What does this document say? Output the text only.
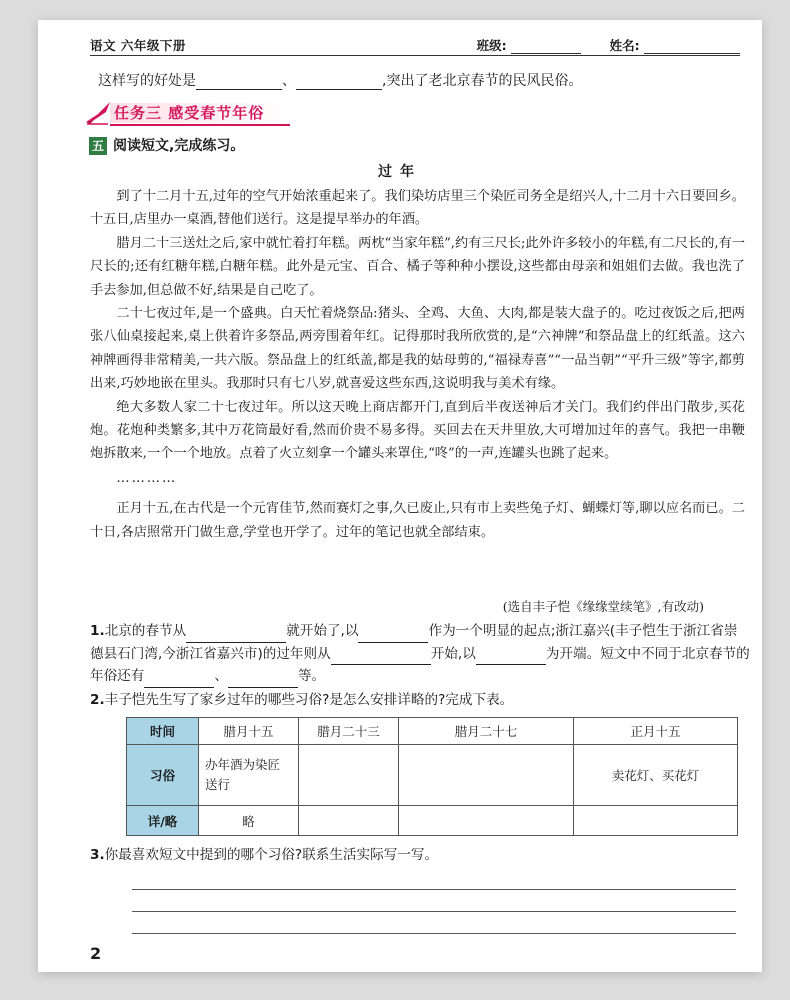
语文 六年级下册	班级:	姓名:
这样写的好处是	、	,突出了老北京春节的民风民俗。
任务三 感受春节年俗
五 阅读短文,完成练习。
过年

到了十二月十五,过年的空气开始浓重起来了。我们染坊店里三个染匠司务全是绍兴人,十二月十六日要回乡。十五日,店里办一桌酒,替他们送行。这是提早举办的年酒。

腊月二十三送灶之后,家中就忙着打年糕。两枕“当家年糕”,约有三尺长;此外许多较小的年糕,有二尺长的,有一尺长的;还有红糖年糕,白糖年糕。此外是元宝、百合、橘子等种种小摆设,这些都由母亲和姐姐们去做。我也洗了手去参加,但总做不好,结果是自己吃了。

二十七夜过年,是一个盛典。白天忙着烧祭品:猪头、全鸡、大鱼、大肉,都是装大盘子的。吃过夜饭之后,把两张八仙桌接起来,桌上供着许多祭品,两旁围着年红。记得那时我所欣赏的,是“六神牌”和祭品盘上的红纸盖。这六神牌画得非常精美,一共六版。祭品盘上的红纸盖,都是我的姑母剪的,“福禄寿喜”“一品当朝”“平升三级”等字,都剪出来,巧妙地嵌在里头。我那时只有七八岁,就喜爱这些东西,这说明我与美术有缘。

绝大多数人家二十七夜过年。所以这天晚上商店都开门,直到后半夜送神后才关门。我们约伴出门散步,买花炮。花炮种类繁多,其中万花筒最好看,然而价贵不易多得。买回去在天井里放,大可增加过年的喜气。我把一串鞭炮拆散来,一个一个地放。点着了火立刻拿一个罐头来罩住,“咚”的一声,连罐头也跳了起来。

…………

正月十五,在古代是一个元宵佳节,然而赛灯之事,久已废止,只有市上卖些兔子灯、蝴蝶灯等,聊以应名而已。二十日,各店照常开门做生意,学堂也开学了。过年的笔记也就全部结束。

(选自丰子恺《缘缘堂续笔》,有改动)
1.北京的春节从	就开始了,以	作为一个明显的起点;浙江嘉兴(丰子恺生于浙江省崇德县石门湾,今浙江省嘉兴市)的过年则从	开始,以	为开端。短文中不同于北京春节的年俗还有	、	等。
2.丰子恺先生写了家乡过年的哪些习俗?是怎么安排详略的?完成下表。
时间	腊月十五	腊月二十三	腊月二十七	正月十五
习俗	办年酒为染匠送行			卖花灯、买花灯
详/略	略			
3.你最喜欢短文中提到的哪个习俗?联系生活实际写一写。
2
